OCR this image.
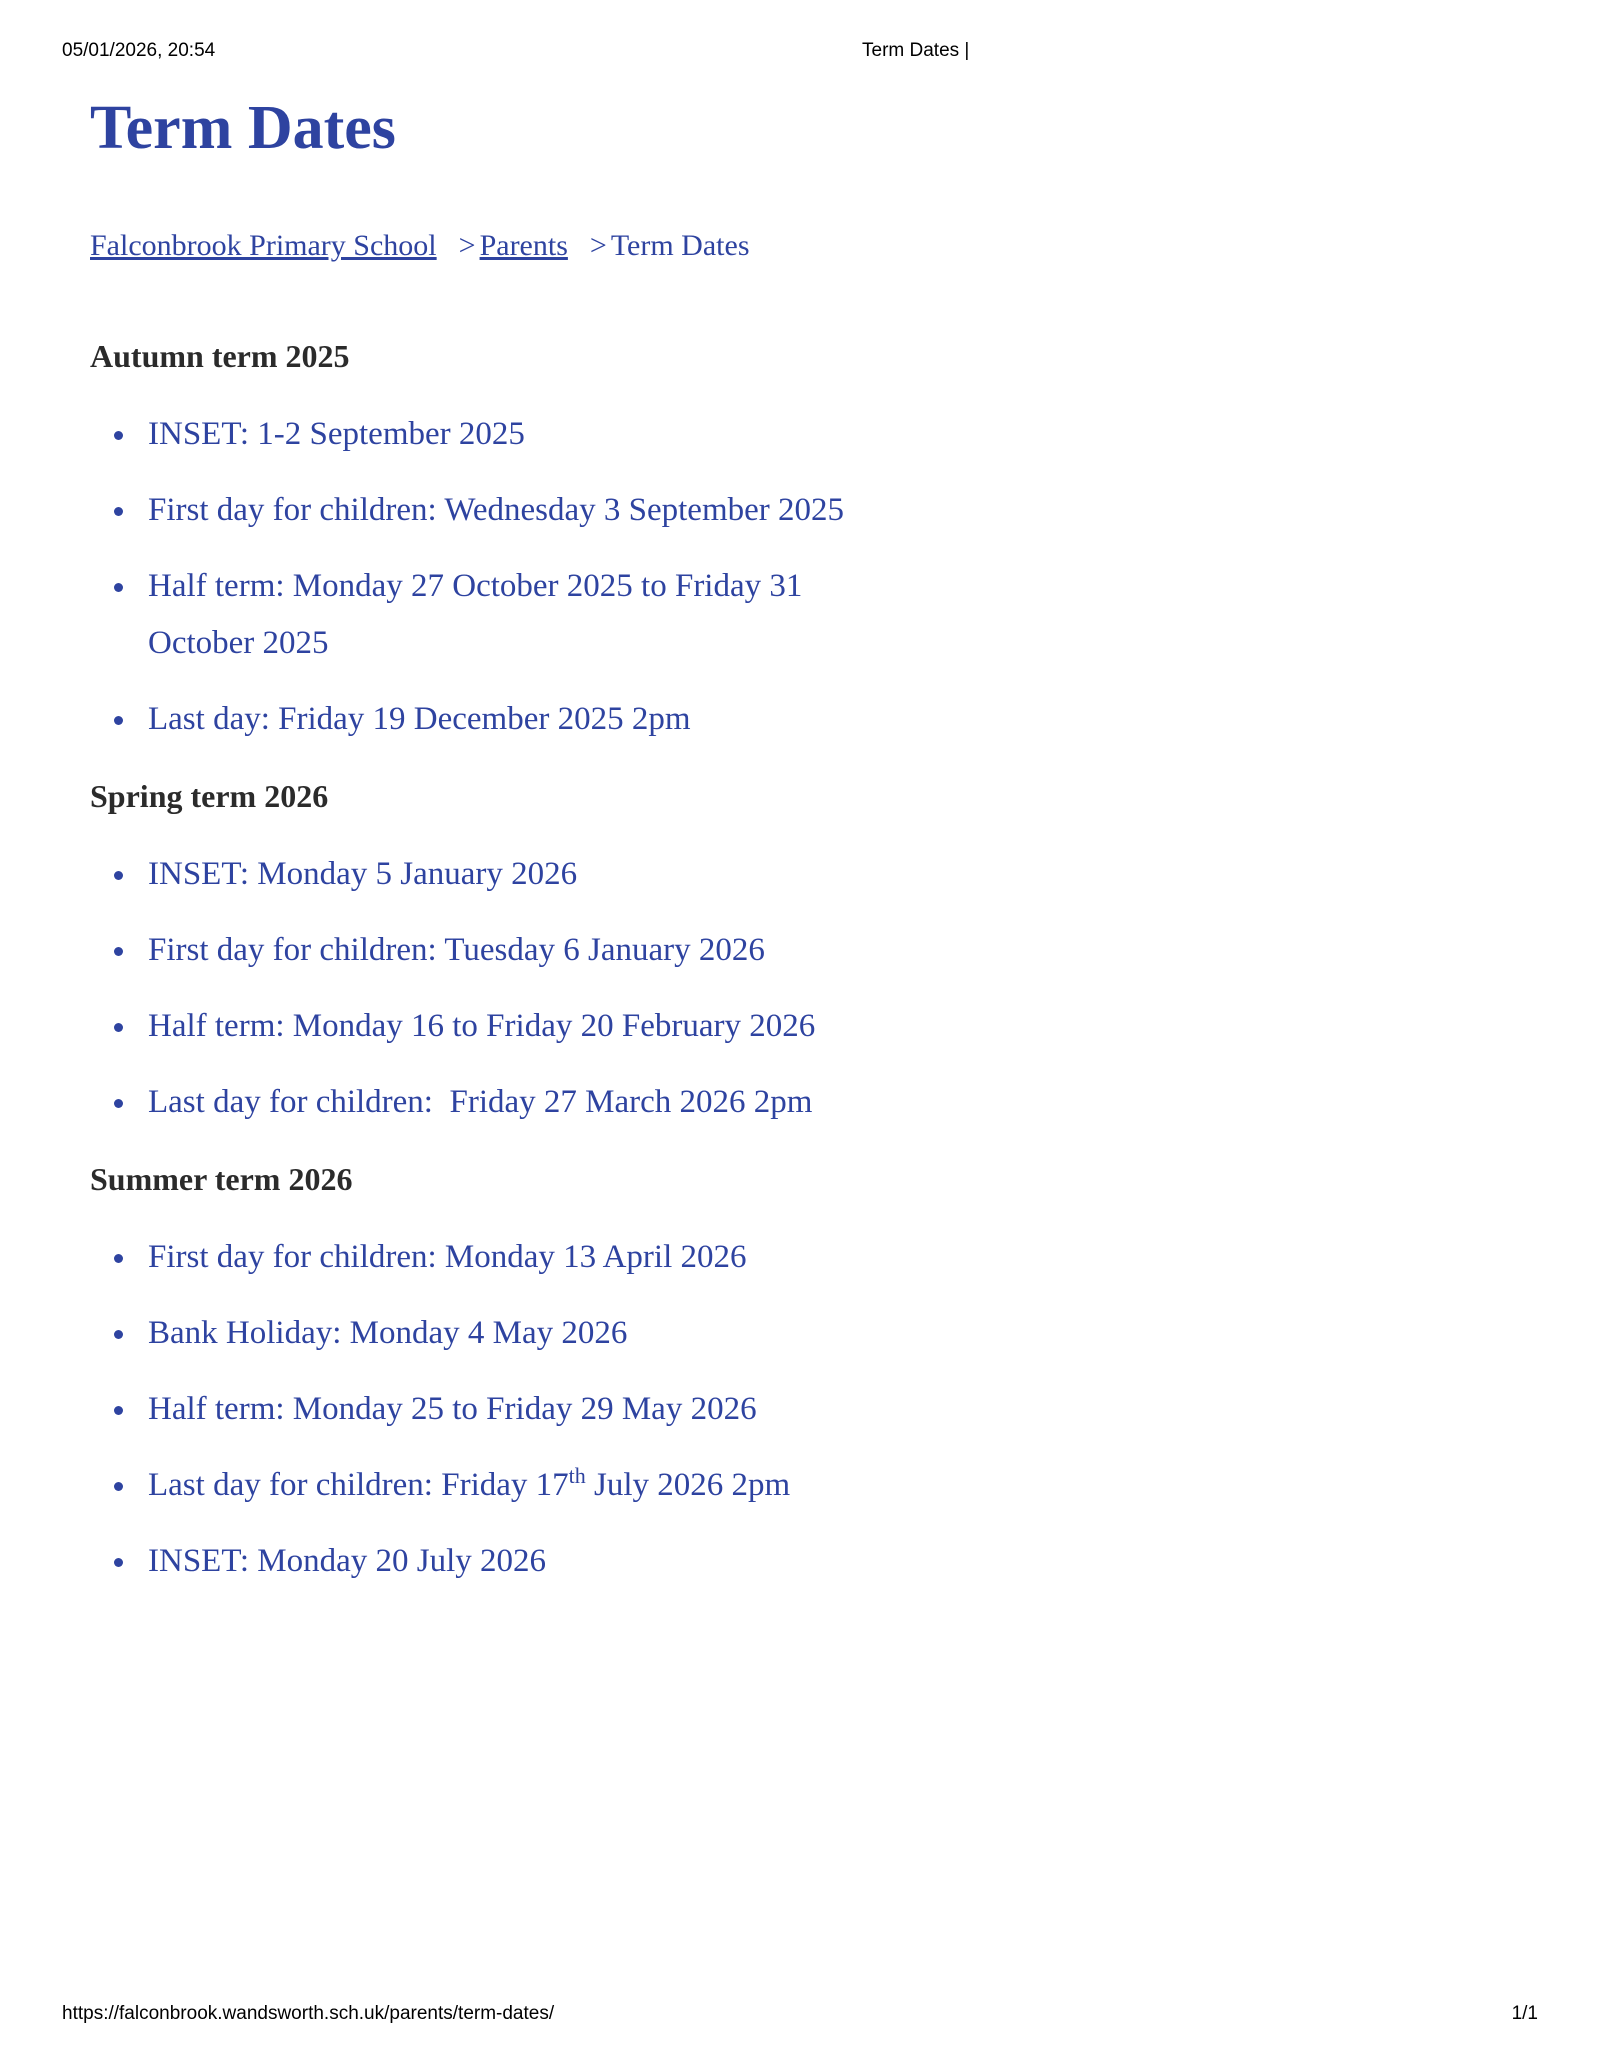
05/01/2026, 20:54	Term Dates |
Term Dates
Falconbrook Primary School > Parents > Term Dates
Autumn term 2025
INSET: 1-2 September 2025
First day for children: Wednesday 3 September 2025
Half term: Monday 27 October 2025 to Friday 31 October 2025
Last day: Friday 19 December 2025 2pm
Spring term 2026
INSET: Monday 5 January 2026
First day for children: Tuesday 6 January 2026
Half term: Monday 16 to Friday 20 February 2026
Last day for children:  Friday 27 March 2026 2pm
Summer term 2026
First day for children: Monday 13 April 2026
Bank Holiday: Monday 4 May 2026
Half term: Monday 25 to Friday 29 May 2026
Last day for children: Friday 17th July 2026 2pm
INSET: Monday 20 July 2026
https://falconbrook.wandsworth.sch.uk/parents/term-dates/	1/1
